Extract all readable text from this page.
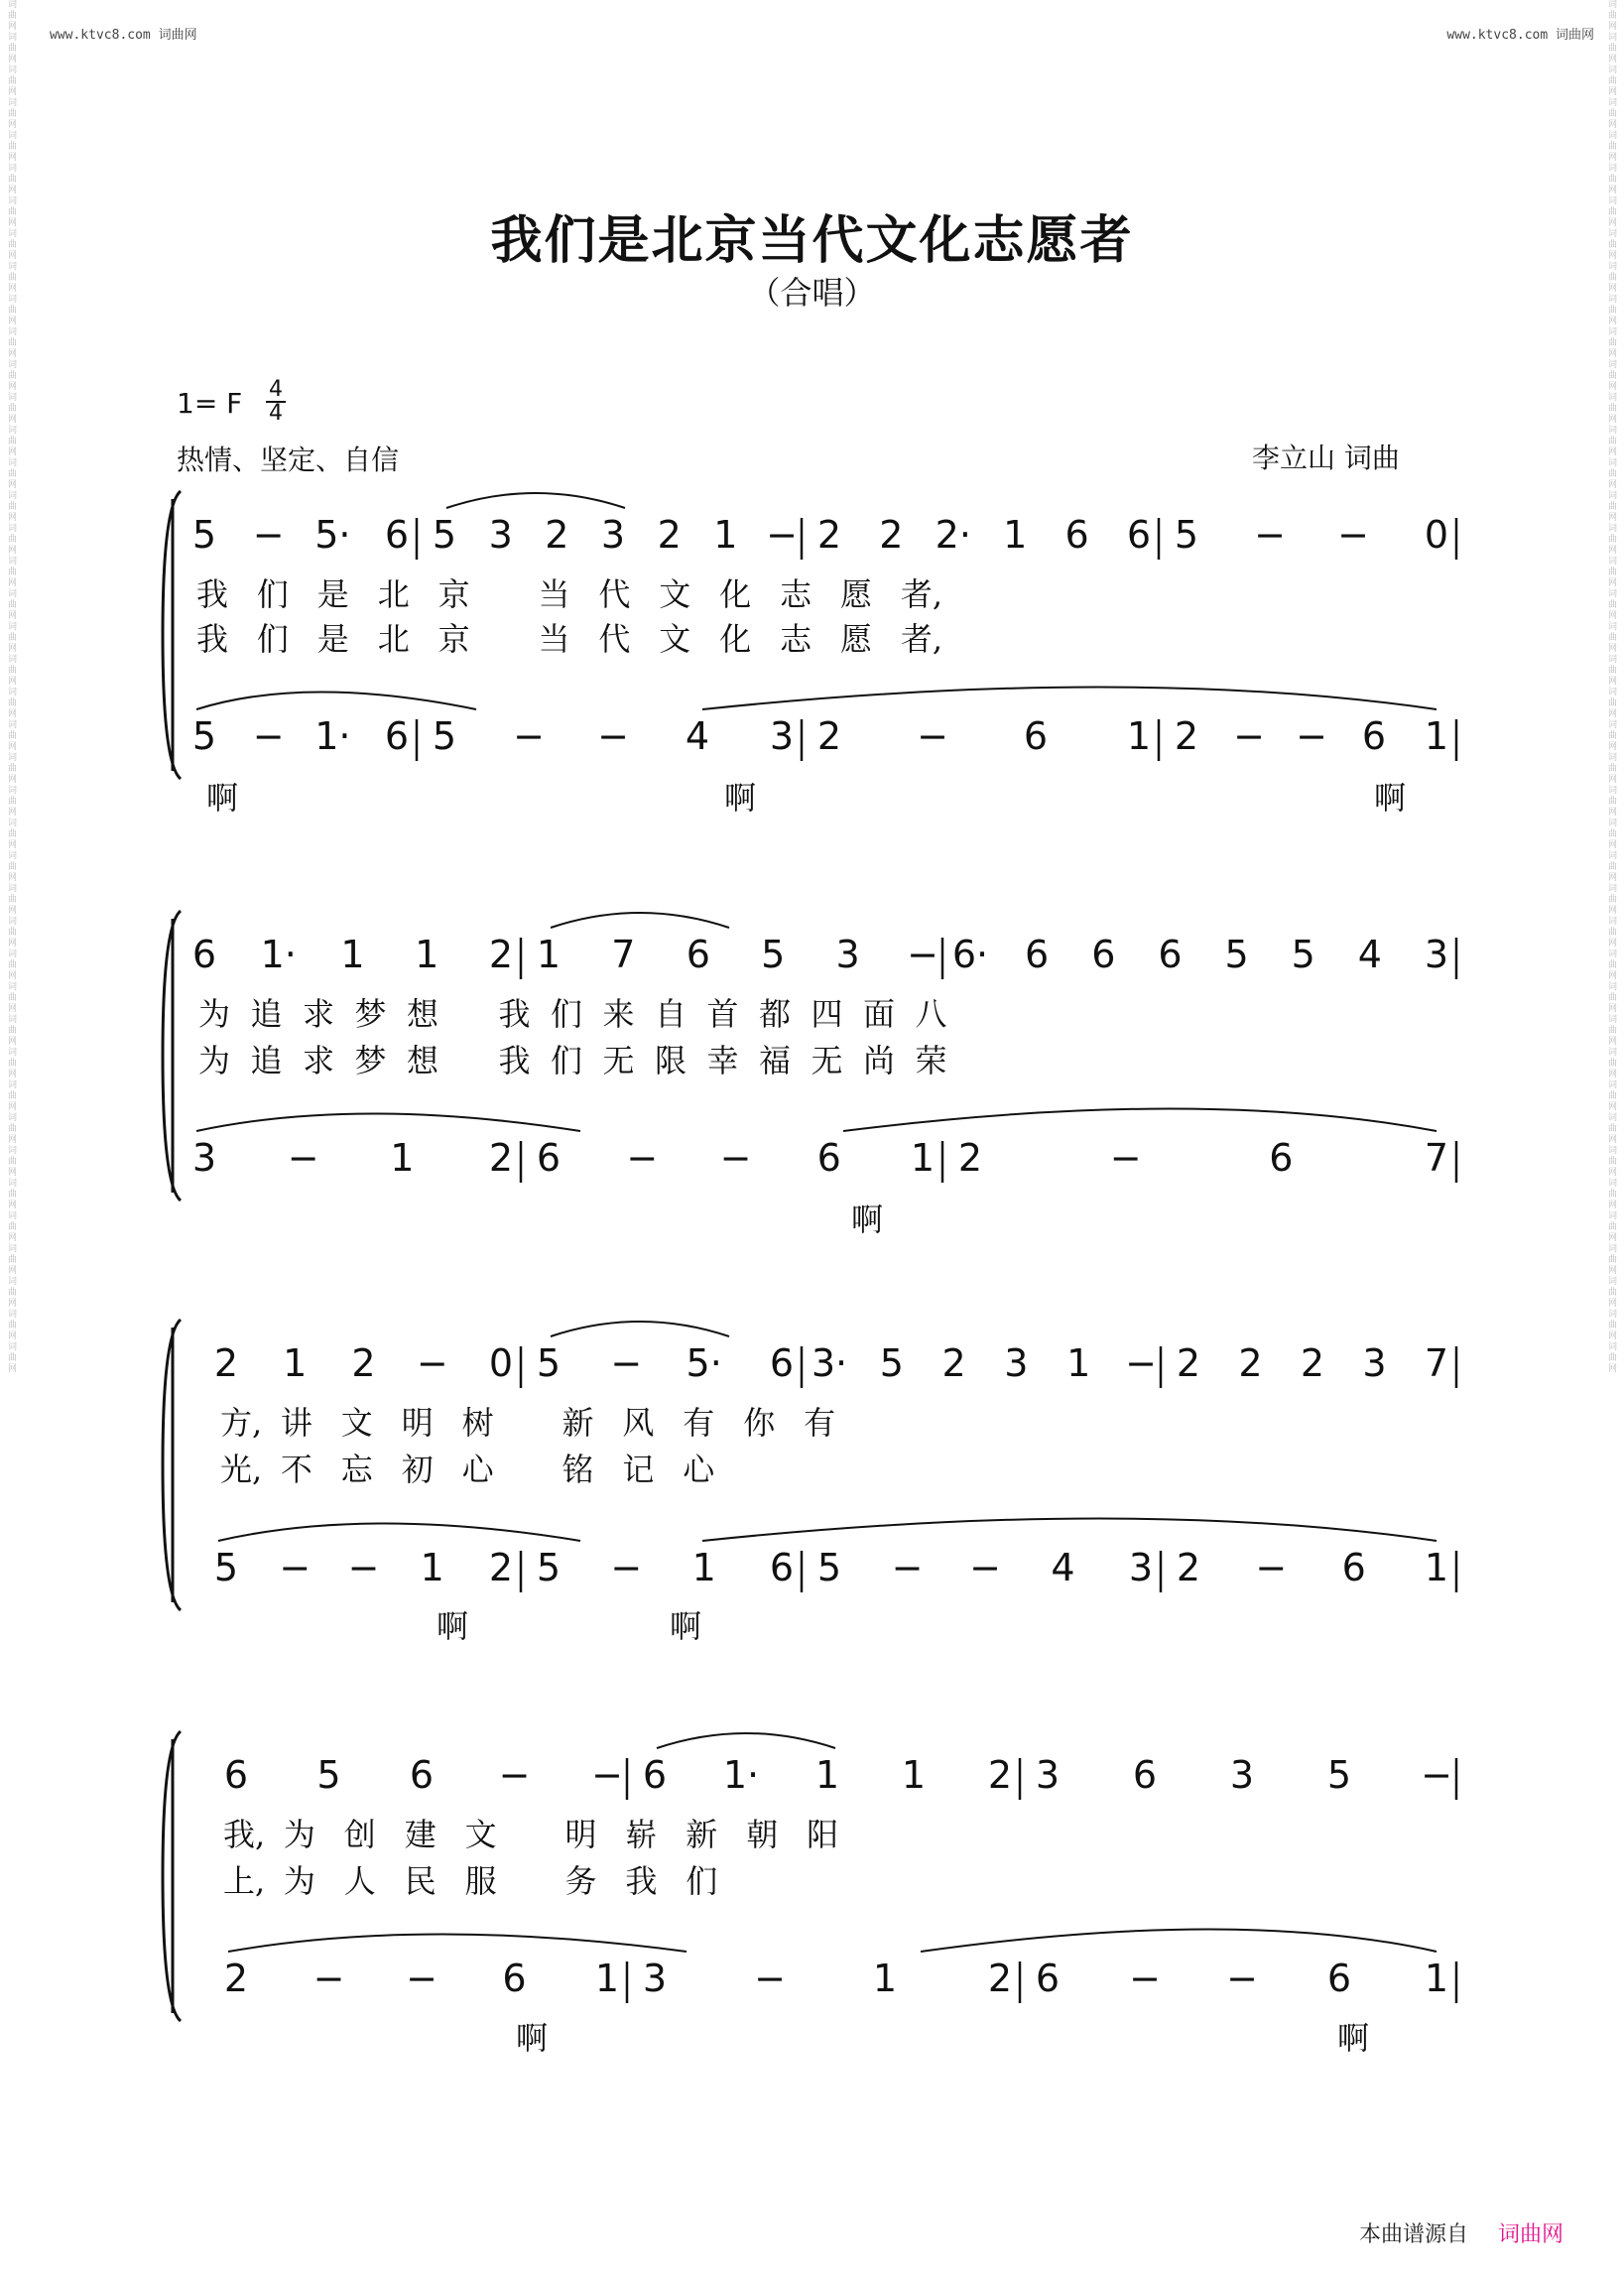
词曲网词曲网词曲网词曲网词曲网词曲网词曲网词曲网词曲网词曲网词曲网词曲网词曲网词曲网词曲网词曲网词曲网词曲网词曲网词曲网词曲网词曲网词曲网词曲网词曲网词曲网词曲网词曲网词曲网词曲网词曲网词曲网词曲网词曲网词曲网词曲网词曲网词曲网词曲网词曲网词曲网词曲网
词曲网词曲网词曲网词曲网词曲网词曲网词曲网词曲网词曲网词曲网词曲网词曲网词曲网词曲网词曲网词曲网词曲网词曲网词曲网词曲网词曲网词曲网词曲网词曲网词曲网词曲网词曲网词曲网词曲网词曲网词曲网词曲网词曲网词曲网词曲网词曲网词曲网词曲网词曲网词曲网词曲网词曲网
www.ktvc8.com 词曲网	www.ktvc8.com 词曲网
我们是北京当代文化志愿者
（合唱）
1= F 4
4
热情、坚定、自信	李立山 词曲
5 − 5· 6 5 3 2 3 2 1 − 2 2 2· 1 6 6 5 − − 0
5 − 1· 6 5 − − 4 3 2 − 6 1 2 − − 6 1
我 们 是 北 京 当 代 文 化 志 愿 者,
我 们 是 北 京 当 代 文 化 志 愿 者,
啊	啊	啊
6 1· 1 1 2 1 7 6 5 3 − 6· 6 6 6 5 5 4 3
3 − 1 2 6 − − 6 1 2	−	6	7
为 追 求 梦 想 我 们 来 自 首 都 四 面 八
为 追 求 梦 想 我 们 无 限 幸 福 无 尚 荣
啊
2 1 2 − 0 5 − 5· 6 3· 5 2 3 1 − 2 2 2 3 7
5 − − 1 2 5 − 1 6 5 − − 4 3 2 − 6 1
方, 讲 文 明 树 新 风 有 你 有
光, 不 忘 初 心 铭 记 心
啊	啊
6 5 6 − − 6 1· 1 1 2 3 6 3 5 −
2 − − 6 1 3 − 1 2 6 − − 6 1
我, 为 创 建 文 明 崭 新 朝 阳
上, 为 人 民 服 务 我 们
啊	啊
本曲谱源自 词曲网
